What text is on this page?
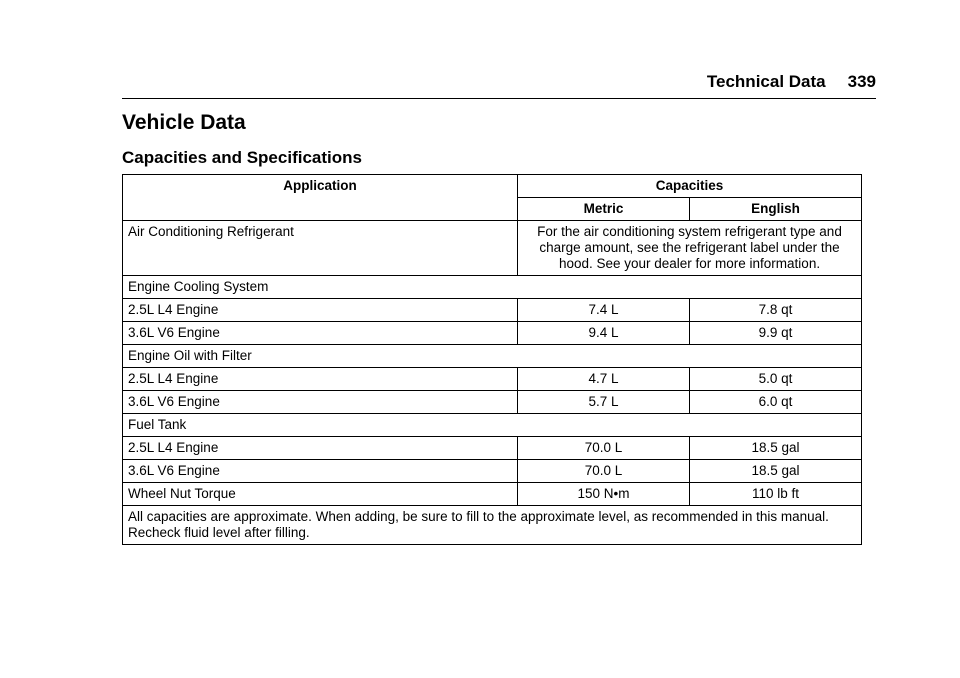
Technical Data 339
Vehicle Data
Capacities and Specifications
Application	Capacities	
	Metric	English
Air Conditioning Refrigerant	For the air conditioning system refrigerant type and charge amount, see the refrigerant label under the hood. See your dealer for more information.	
Engine Cooling System		
2.5L L4 Engine	7.4 L	7.8 qt
3.6L V6 Engine	9.4 L	9.9 qt
Engine Oil with Filter		
2.5L L4 Engine	4.7 L	5.0 qt
3.6L V6 Engine	5.7 L	6.0 qt
Fuel Tank		
2.5L L4 Engine	70.0 L	18.5 gal
3.6L V6 Engine	70.0 L	18.5 gal
Wheel Nut Torque	150 N•m	110 lb ft
All capacities are approximate. When adding, be sure to fill to the approximate level, as recommended in this manual. Recheck fluid level after filling.		
